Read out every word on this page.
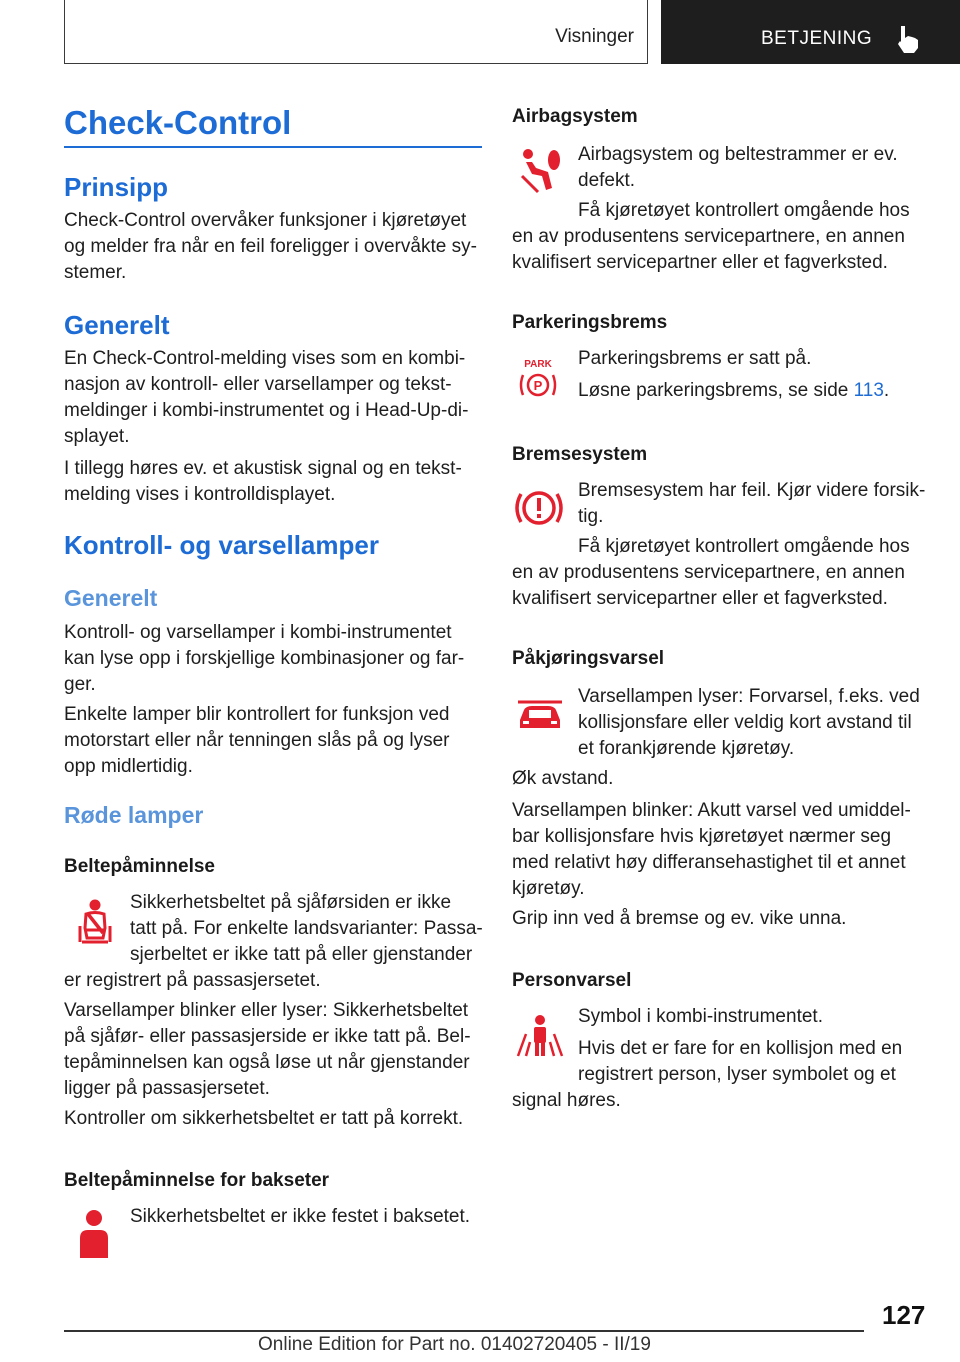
Visninger	BETJENING
Check-Control
Prinsipp
Check-Control overvåker funksjoner i kjøretøyet
og melder fra når en feil foreligger i overvåkte sy-
stemer.
Generelt
En Check-Control-melding vises som en kombi-
nasjon av kontroll- eller varsellamper og tekst-
meldinger i kombi-instrumentet og i Head-Up-di-
splayet.
I tillegg høres ev. et akustisk signal og en tekst-
melding vises i kontrolldisplayet.
Kontroll- og varsellamper
Generelt
Kontroll- og varsellamper i kombi-instrumentet
kan lyse opp i forskjellige kombinasjoner og far-
ger.
Enkelte lamper blir kontrollert for funksjon ved
motorstart eller når tenningen slås på og lyser
opp midlertidig.
Røde lamper
Beltepåminnelse
Sikkerhetsbeltet på sjåførsiden er ikke
tatt på. For enkelte landsvarianter: Passa-
sjerbeltet er ikke tatt på eller gjenstander
er registrert på passasjersetet.
Varsellamper blinker eller lyser: Sikkerhetsbeltet
på sjåfør- eller passasjerside er ikke tatt på. Bel-
tepåminnelsen kan også løse ut når gjenstander
ligger på passasjersetet.
Kontroller om sikkerhetsbeltet er tatt på korrekt.
Beltepåminnelse for bakseter
Sikkerhetsbeltet er ikke festet i baksetet.
Airbagsystem
Airbagsystem og beltestrammer er ev.
defekt.
Få kjøretøyet kontrollert omgående hos
en av produsentens servicepartnere, en annen
kvalifisert servicepartner eller et fagverksted.
Parkeringsbrems
PARK
P
Parkeringsbrems er satt på.
Løsne parkeringsbrems, se side 113.
Bremsesystem
Bremsesystem har feil. Kjør videre forsik-
tig.
Få kjøretøyet kontrollert omgående hos
en av produsentens servicepartnere, en annen
kvalifisert servicepartner eller et fagverksted.
Påkjøringsvarsel
Varsellampen lyser: Forvarsel, f.eks. ved
kollisjonsfare eller veldig kort avstand til
et forankjørende kjøretøy.
Øk avstand.
Varsellampen blinker: Akutt varsel ved umiddel-
bar kollisjonsfare hvis kjøretøyet nærmer seg
med relativt høy differansehastighet til et annet
kjøretøy.
Grip inn ved å bremse og ev. vike unna.
Personvarsel
Symbol i kombi-instrumentet.
Hvis det er fare for en kollisjon med en
registrert person, lyser symbolet og et
signal høres.
127
Online Edition for Part no. 01402720405 - II/19
